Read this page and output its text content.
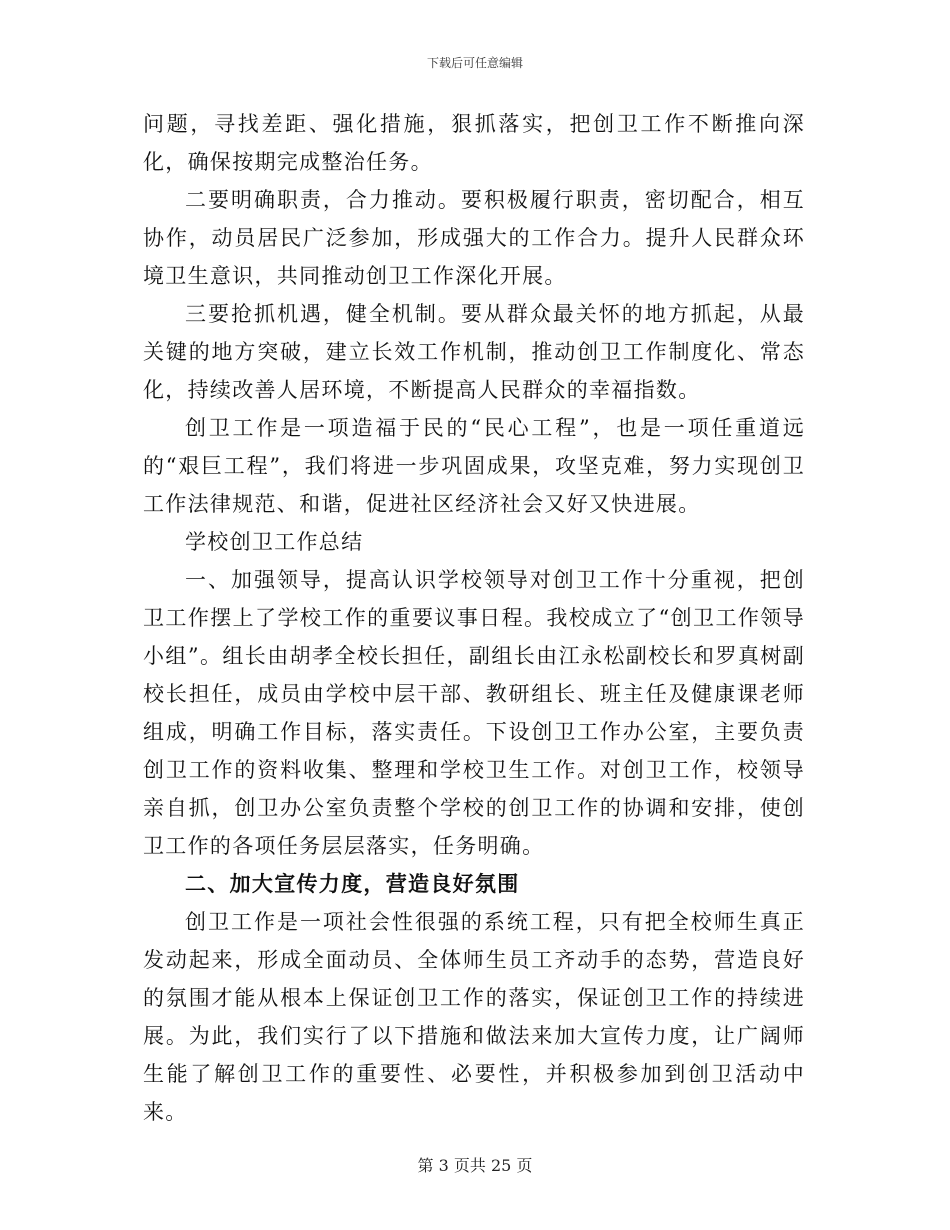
下载后可任意编辑

问题，寻找差距、强化措施，狠抓落实，把创卫工作不断推向深化，确保按期完成整治任务。

二要明确职责，合力推动。要积极履行职责，密切配合，相互协作，动员居民广泛参加，形成强大的工作合力。提升人民群众环境卫生意识，共同推动创卫工作深化开展。

三要抢抓机遇，健全机制。要从群众最关怀的地方抓起，从最关键的地方突破，建立长效工作机制，推动创卫工作制度化、常态化，持续改善人居环境，不断提高人民群众的幸福指数。

创卫工作是一项造福于民的“民心工程”，也是一项任重道远的“艰巨工程”，我们将进一步巩固成果，攻坚克难，努力实现创卫工作法律规范、和谐，促进社区经济社会又好又快进展。

学校创卫工作总结

一、加强领导，提高认识学校领导对创卫工作十分重视，把创卫工作摆上了学校工作的重要议事日程。我校成立了“创卫工作领导小组”。组长由胡孝全校长担任，副组长由江永松副校长和罗真树副校长担任，成员由学校中层干部、教研组长、班主任及健康课老师组成，明确工作目标，落实责任。下设创卫工作办公室，主要负责创卫工作的资料收集、整理和学校卫生工作。对创卫工作，校领导亲自抓，创卫办公室负责整个学校的创卫工作的协调和安排，使创卫工作的各项任务层层落实，任务明确。

二、加大宣传力度，营造良好氛围

创卫工作是一项社会性很强的系统工程，只有把全校师生真正发动起来，形成全面动员、全体师生员工齐动手的态势，营造良好的氛围才能从根本上保证创卫工作的落实，保证创卫工作的持续进展。为此，我们实行了以下措施和做法来加大宣传力度，让广阔师生能了解创卫工作的重要性、必要性，并积极参加到创卫活动中来。

第 3 页共 25 页
